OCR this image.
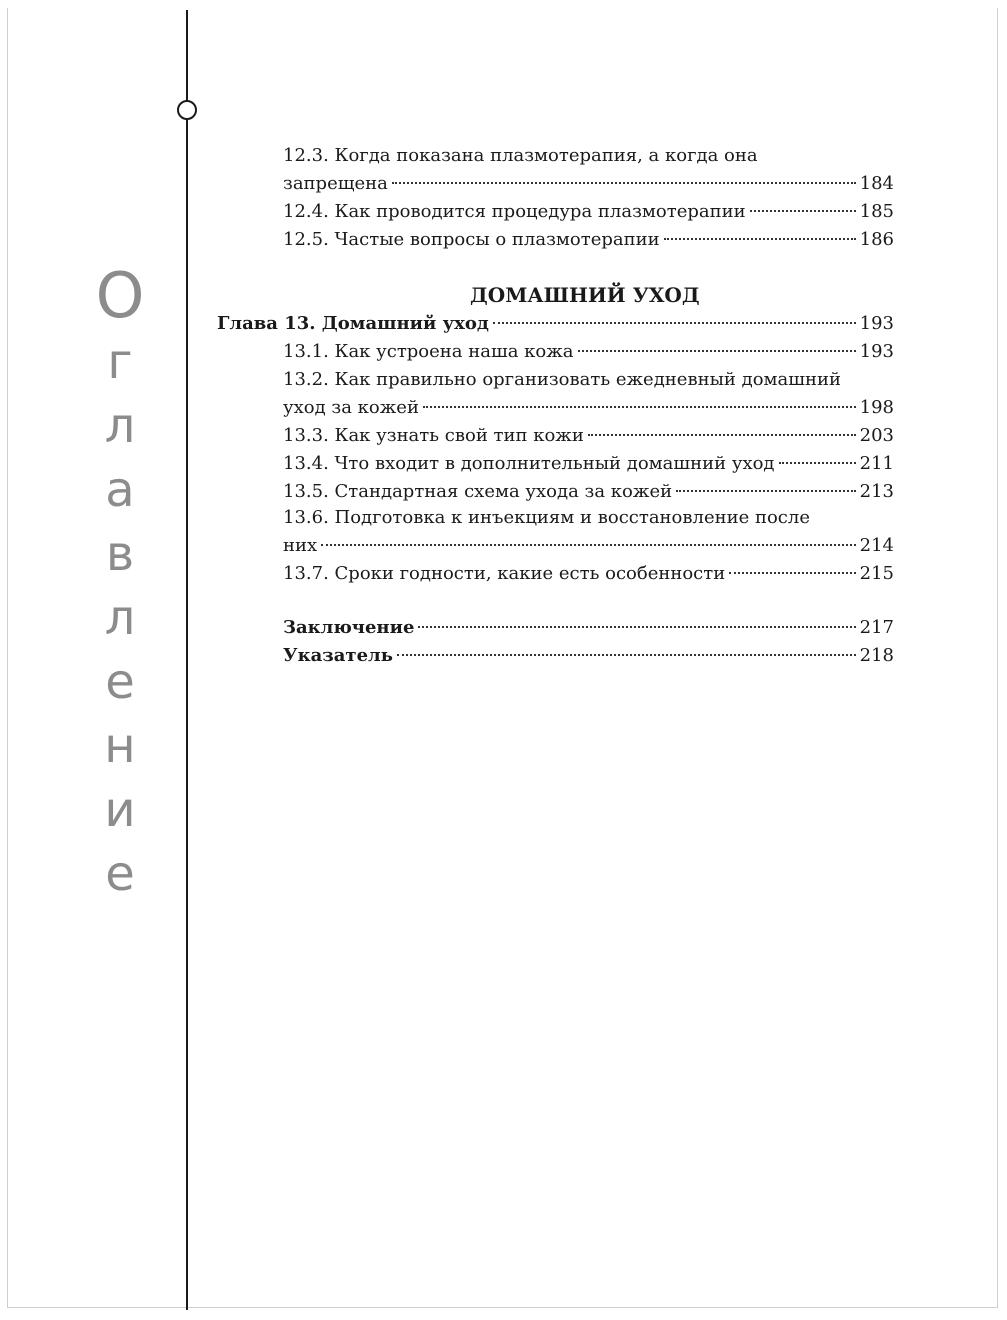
О
г
л
а
в
л
е
н
и
е
12.3. Когда показана плазмотерапия, а когда она
запрещена	184
12.4. Как проводится процедура плазмотерапии	185
12.5. Частые вопросы о плазмотерапии	186
ДОМАШНИЙ УХОД
Глава 13. Домашний уход	193
13.1. Как устроена наша кожа	193
13.2. Как правильно организовать ежедневный домашний
уход за кожей	198
13.3. Как узнать свой тип кожи	203
13.4. Что входит в дополнительный домашний уход	211
13.5. Стандартная схема ухода за кожей	213
13.6. Подготовка к инъекциям и восстановление после
них	214
13.7. Сроки годности, какие есть особенности	215
Заключение	217
Указатель	218
